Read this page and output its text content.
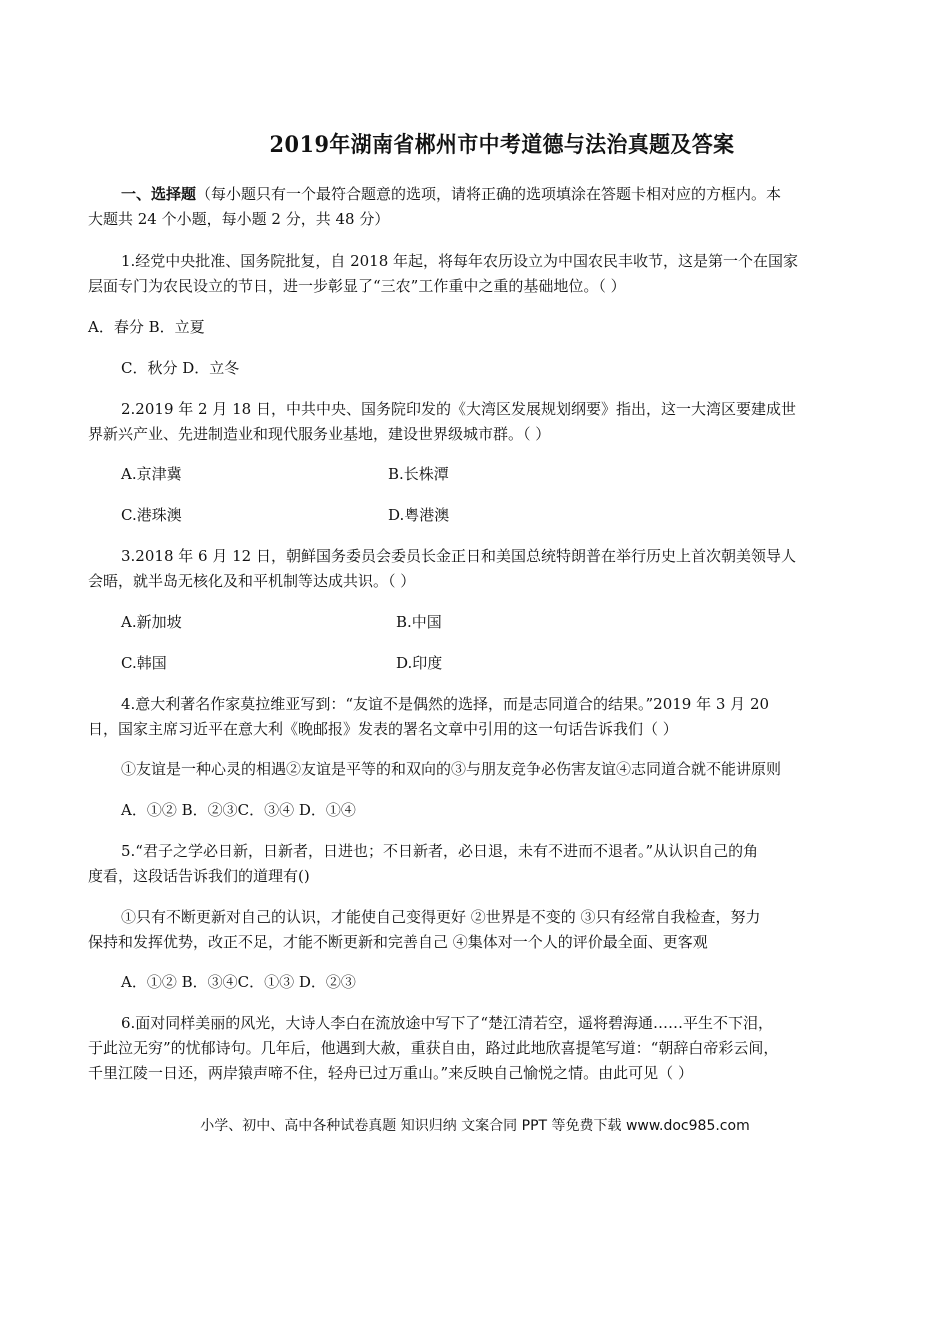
2019年湖南省郴州市中考道德与法治真题及答案
一、选择题（每小题只有一个最符合题意的选项，请将正确的选项填涂在答题卡相对应的方框内。本
大题共 24 个小题，每小题 2 分，共 48 分）
1.经党中央批准、国务院批复，自 2018 年起，将每年农历设立为中国农民丰收节，这是第一个在国家
层面专门为农民设立的节日，进一步彰显了“三农”工作重中之重的基础地位。（ ）
A．春分 B．立夏
C．秋分 D．立冬
2.2019 年 2 月 18 日，中共中央、国务院印发的《大湾区发展规划纲要》指出，这一大湾区要建成世
界新兴产业、先进制造业和现代服务业基地，建设世界级城市群。（ ）
A.京津冀	B.长株潭
C.港珠澳	D.粤港澳
3.2018 年 6 月 12 日，朝鲜国务委员会委员长金正日和美国总统特朗普在举行历史上首次朝美领导人
会晤，就半岛无核化及和平机制等达成共识。（ ）
A.新加坡	B.中国
C.韩国	D.印度
4.意大利著名作家莫拉维亚写到：“友谊不是偶然的选择，而是志同道合的结果。”2019 年 3 月 20
日，国家主席习近平在意大利《晚邮报》发表的署名文章中引用的这一句话告诉我们（ ）
①友谊是一种心灵的相遇②友谊是平等的和双向的③与朋友竞争必伤害友谊④志同道合就不能讲原则
A．①② B．②③C．③④ D．①④
5.“君子之学必日新，日新者，日进也；不日新者，必日退，未有不进而不退者。”从认识自己的角
度看，这段话告诉我们的道理有()
①只有不断更新对自己的认识，才能使自己变得更好 ②世界是不变的 ③只有经常自我检查，努力
保持和发挥优势，改正不足，才能不断更新和完善自己 ④集体对一个人的评价最全面、更客观
A．①② B．③④C．①③ D．②③
6.面对同样美丽的风光，大诗人李白在流放途中写下了“楚江清若空，遥将碧海通……平生不下泪，
于此泣无穷”的忧郁诗句。几年后，他遇到大赦，重获自由，路过此地欣喜提笔写道：“朝辞白帝彩云间，
千里江陵一日还，两岸猿声啼不住，轻舟已过万重山。”来反映自己愉悦之情。由此可见（ ）
小学、初中、高中各种试卷真题 知识归纳 文案合同 PPT 等免费下载 www.doc985.com
